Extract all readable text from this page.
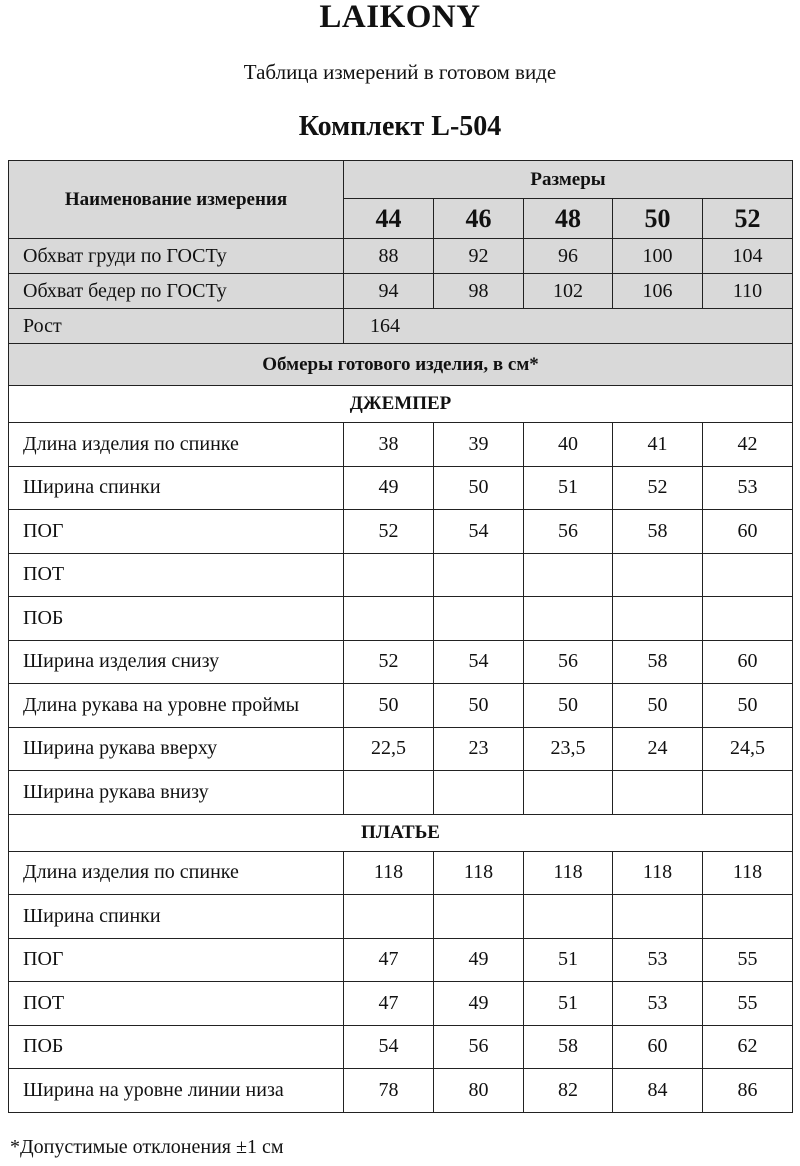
LAIKONY
Таблица измерений в готовом виде
Комплект L-504
Наименование измерения	Размеры				
	44	46	48	50	52
Обхват груди по ГОСТу	88	92	96	100	104
Обхват бедер по ГОСТу	94	98	102	106	110
Рост	164				
Обмеры готового изделия, в см*					
ДЖЕМПЕР					
Длина изделия по спинке	38	39	40	41	42
Ширина спинки	49	50	51	52	53
ПОГ	52	54	56	58	60
ПОТ					
ПОБ					
Ширина изделия снизу	52	54	56	58	60
Длина рукава на уровне проймы	50	50	50	50	50
Ширина рукава вверху	22,5	23	23,5	24	24,5
Ширина рукава внизу					
ПЛАТЬЕ					
Длина изделия по спинке	118	118	118	118	118
Ширина спинки					
ПОГ	47	49	51	53	55
ПОТ	47	49	51	53	55
ПОБ	54	56	58	60	62
Ширина на уровне линии низа	78	80	82	84	86
*Допустимые отклонения ±1 см
